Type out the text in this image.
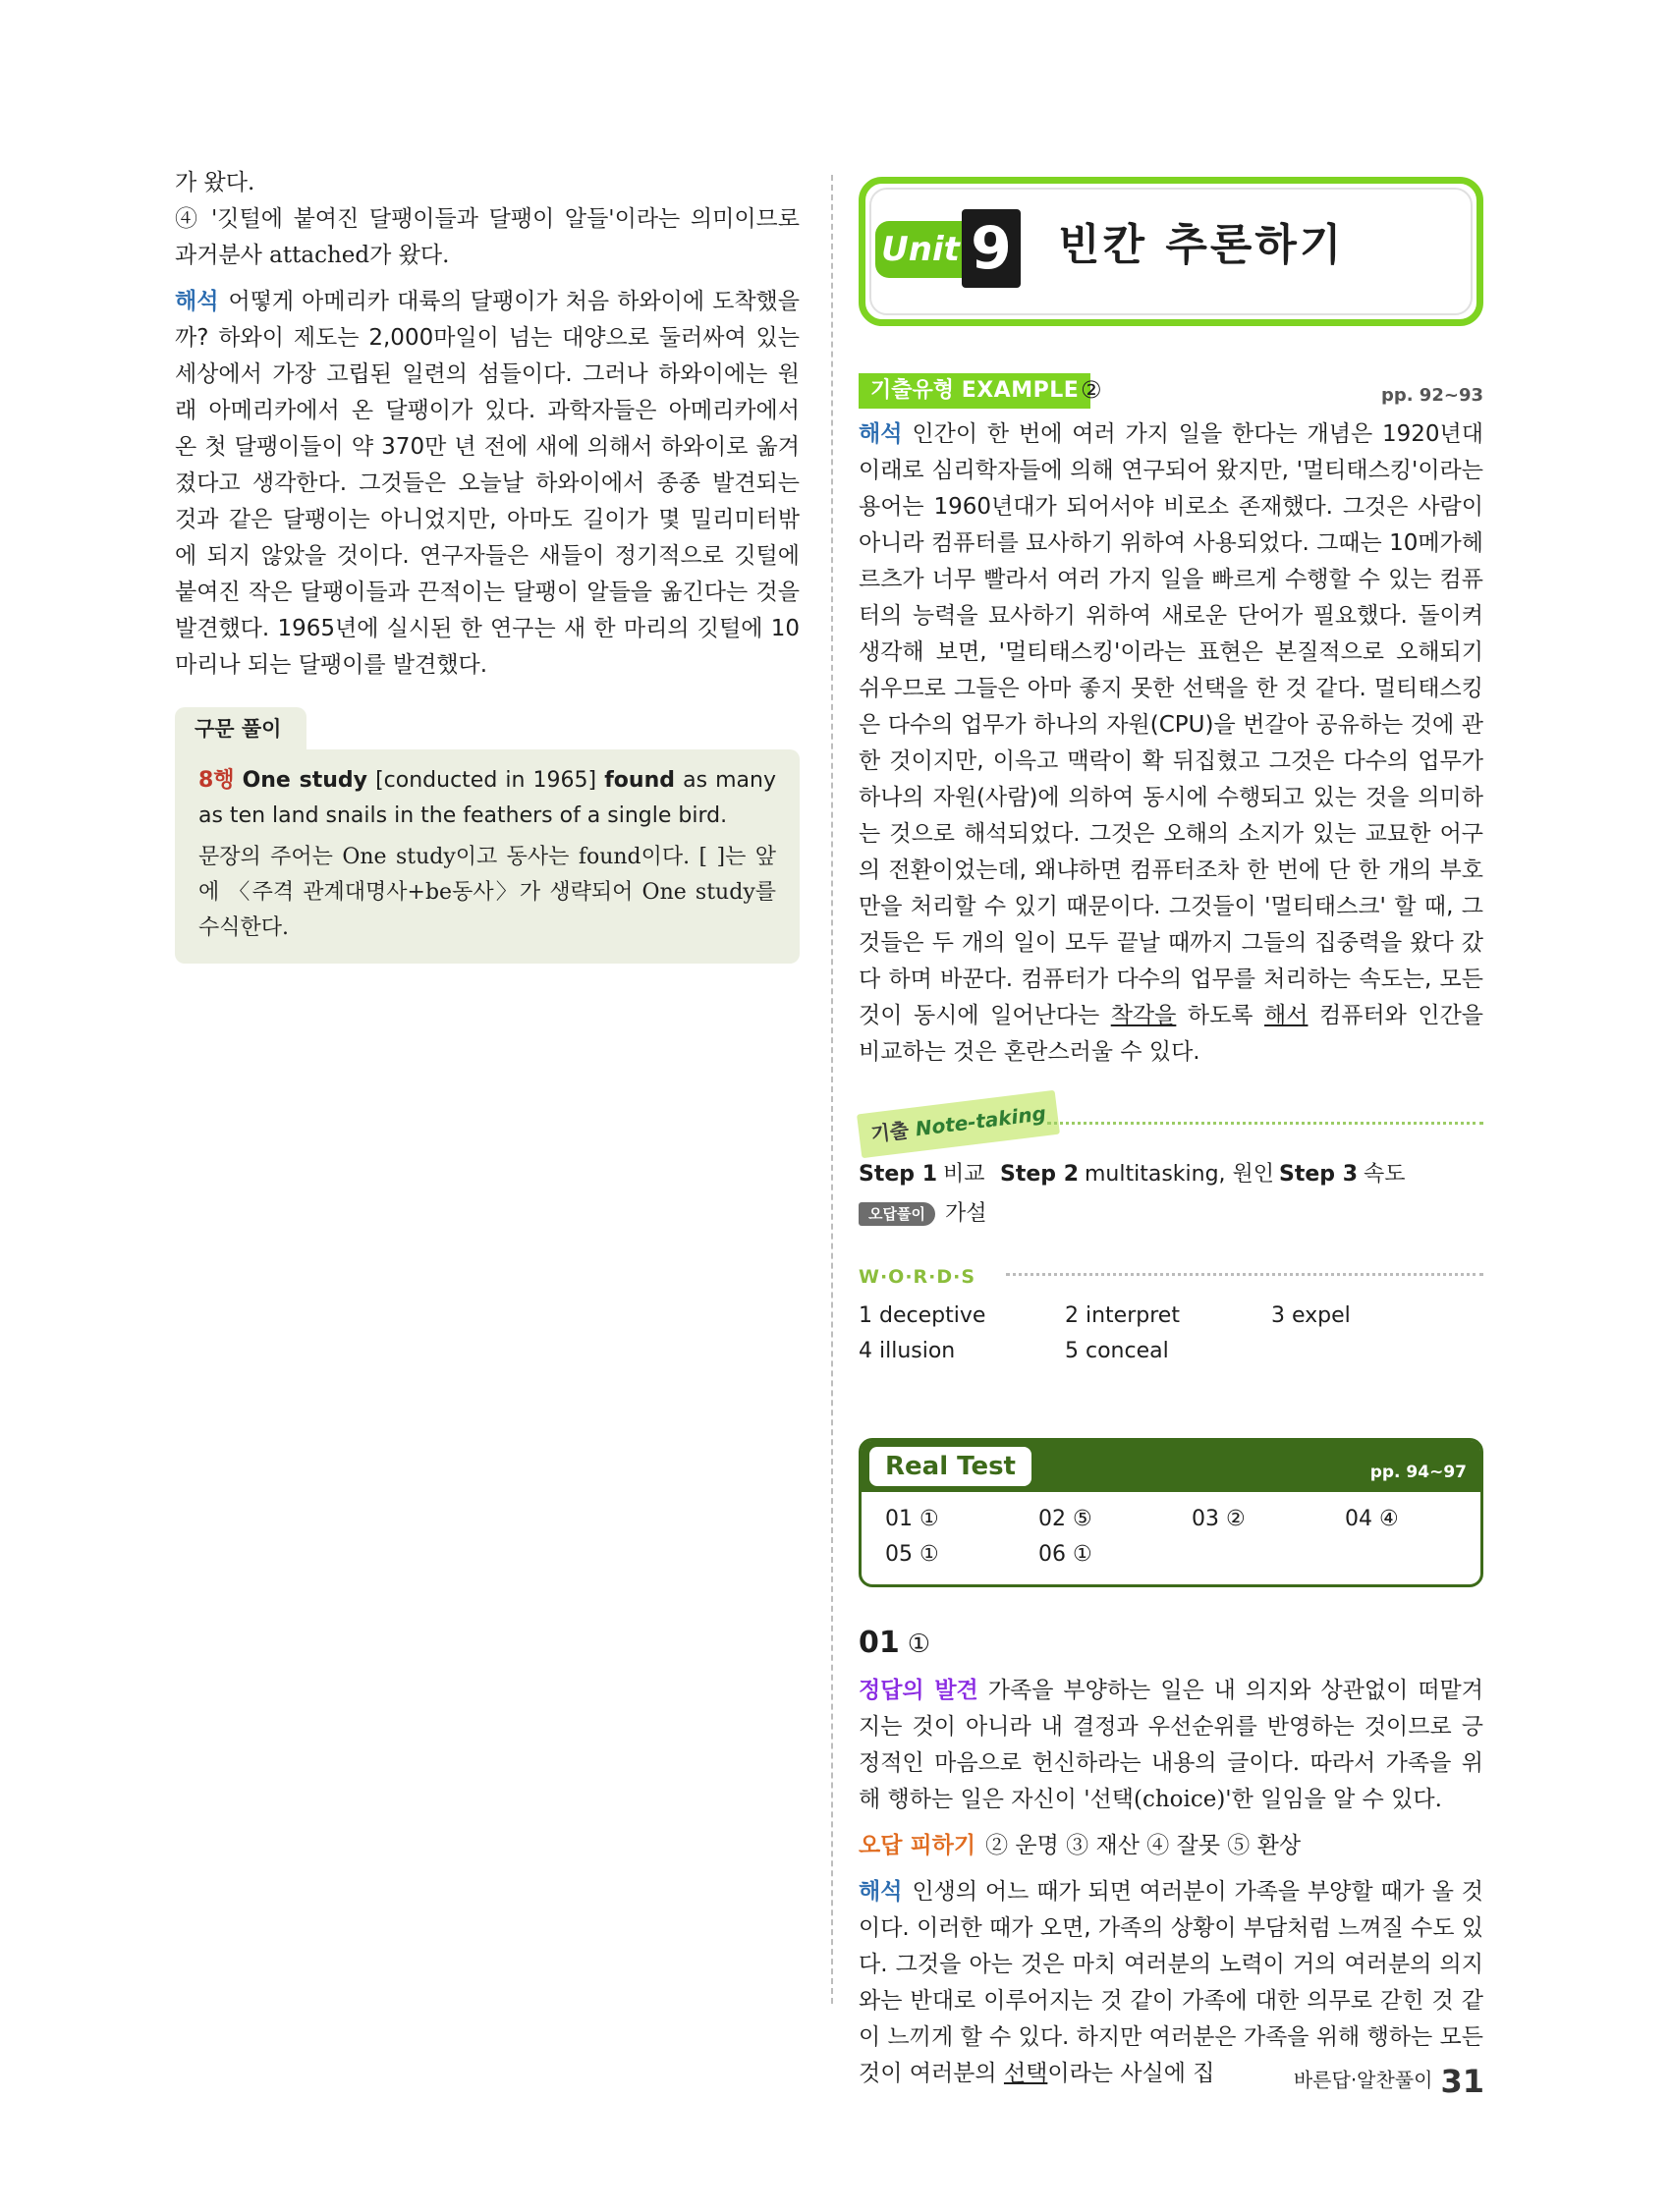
가 왔다.
④ '깃털에 붙여진 달팽이들과 달팽이 알들'이라는 의미이므로 과거분사 attached가 왔다.
해석 어떻게 아메리카 대륙의 달팽이가 처음 하와이에 도착했을까? 하와이 제도는 2,000마일이 넘는 대양으로 둘러싸여 있는 세상에서 가장 고립된 일련의 섬들이다. 그러나 하와이에는 원래 아메리카에서 온 달팽이가 있다. 과학자들은 아메리카에서 온 첫 달팽이들이 약 370만 년 전에 새에 의해서 하와이로 옮겨졌다고 생각한다. 그것들은 오늘날 하와이에서 종종 발견되는 것과 같은 달팽이는 아니었지만, 아마도 길이가 몇 밀리미터밖에 되지 않았을 것이다. 연구자들은 새들이 정기적으로 깃털에 붙여진 작은 달팽이들과 끈적이는 달팽이 알들을 옮긴다는 것을 발견했다. 1965년에 실시된 한 연구는 새 한 마리의 깃털에 10마리나 되는 달팽이를 발견했다.
구문 풀이
8행 One study [conducted in 1965] found as many as ten land snails in the feathers of a single bird.
문장의 주어는 One study이고 동사는 found이다. [ ]는 앞에 〈주격 관계대명사+be동사〉가 생략되어 One study를 수식한다.
Unit 9 빈칸 추론하기
기출유형 EXAMPLE ②	pp. 92~93
해석 인간이 한 번에 여러 가지 일을 한다는 개념은 1920년대 이래로 심리학자들에 의해 연구되어 왔지만, '멀티태스킹'이라는 용어는 1960년대가 되어서야 비로소 존재했다. 그것은 사람이 아니라 컴퓨터를 묘사하기 위하여 사용되었다. 그때는 10메가헤르츠가 너무 빨라서 여러 가지 일을 빠르게 수행할 수 있는 컴퓨터의 능력을 묘사하기 위하여 새로운 단어가 필요했다. 돌이켜 생각해 보면, '멀티태스킹'이라는 표현은 본질적으로 오해되기 쉬우므로 그들은 아마 좋지 못한 선택을 한 것 같다. 멀티태스킹은 다수의 업무가 하나의 자원(CPU)을 번갈아 공유하는 것에 관한 것이지만, 이윽고 맥락이 확 뒤집혔고 그것은 다수의 업무가 하나의 자원(사람)에 의하여 동시에 수행되고 있는 것을 의미하는 것으로 해석되었다. 그것은 오해의 소지가 있는 교묘한 어구의 전환이었는데, 왜냐하면 컴퓨터조차 한 번에 단 한 개의 부호만을 처리할 수 있기 때문이다. 그것들이 '멀티태스크' 할 때, 그것들은 두 개의 일이 모두 끝날 때까지 그들의 집중력을 왔다 갔다 하며 바꾼다. 컴퓨터가 다수의 업무를 처리하는 속도는, 모든 것이 동시에 일어난다는 착각을 하도록 해서 컴퓨터와 인간을 비교하는 것은 혼란스러울 수 있다.
기출 Note-taking
Step 1 비교 Step 2 multitasking, 원인 Step 3 속도
오답풀이 가설
W·O·R·D·S
1 deceptive	2 interpret	3 expel
4 illusion	5 conceal
Real Test	pp. 94~97
01 ①	02 ⑤	03 ②	04 ④
05 ①	06 ①
01 ①
정답의 발견 가족을 부양하는 일은 내 의지와 상관없이 떠맡겨지는 것이 아니라 내 결정과 우선순위를 반영하는 것이므로 긍정적인 마음으로 헌신하라는 내용의 글이다. 따라서 가족을 위해 행하는 일은 자신이 '선택(choice)'한 일임을 알 수 있다.
오답 피하기 ② 운명 ③ 재산 ④ 잘못 ⑤ 환상
해석 인생의 어느 때가 되면 여러분이 가족을 부양할 때가 올 것이다. 이러한 때가 오면, 가족의 상황이 부담처럼 느껴질 수도 있다. 그것을 아는 것은 마치 여러분의 노력이 거의 여러분의 의지와는 반대로 이루어지는 것 같이 가족에 대한 의무로 갇힌 것 같이 느끼게 할 수 있다. 하지만 여러분은 가족을 위해 행하는 모든 것이 여러분의 선택이라는 사실에 집	바른답·알찬풀이 31
